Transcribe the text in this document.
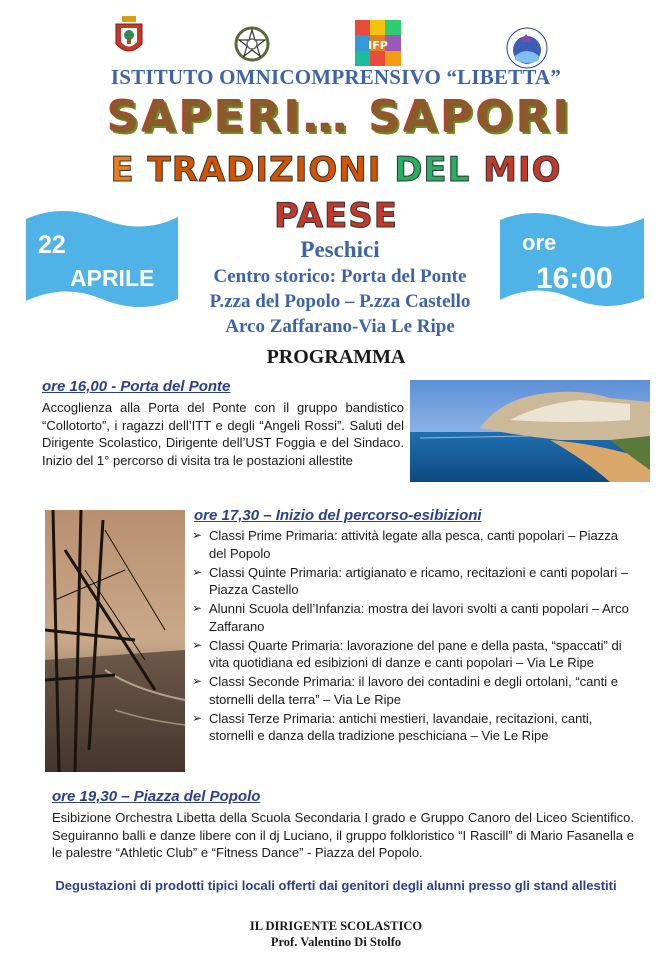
IFP
ISTITUTO OMNICOMPRENSIVO “LIBETTA”
SAPERI… SAPORI
E TRADIZIONI DEL MIO
PAESE
22
APRILE
ore
16:00
Peschici
Centro storico: Porta del Ponte
P.zza del Popolo – P.zza Castello
Arco Zaffarano-Via Le Ripe
PROGRAMMA
ore 16,00 - Porta del Ponte
Accoglienza alla Porta del Ponte con il gruppo bandistico “Collotorto”, i ragazzi dell’ITT e degli “Angeli Rossi”. Saluti del Dirigente Scolastico, Dirigente dell’UST Foggia e del Sindaco. Inizio del 1° percorso di visita tra le postazioni allestite
ore 17,30 – Inizio del percorso-esibizioni
➢ Classi Prime Primaria: attività legate alla pesca, canti popolari – Piazza del Popolo
➢ Classi Quinte Primaria: artigianato e ricamo, recitazioni e canti popolari – Piazza Castello
➢ Alunni Scuola dell’Infanzia: mostra dei lavori svolti a canti popolari – Arco Zaffarano
➢ Classi Quarte Primaria: lavorazione del pane e della pasta, “spaccati” di vita quotidiana ed esibizioni di danze e canti popolari – Via Le Ripe
➢ Classi Seconde Primaria: il lavoro dei contadini e degli ortolani, “canti e stornelli della terra” – Via Le Ripe
➢ Classi Terze Primaria: antichi mestieri, lavandaie, recitazioni, canti, stornelli e danza della tradizione peschiciana – Vie Le Ripe
ore 19,30 – Piazza del Popolo
Esibizione Orchestra Libetta della Scuola Secondaria I grado e Gruppo Canoro del Liceo Scientifico. Seguiranno balli e danze libere con il dj Luciano, il gruppo folkloristico “I Rascill” di Mario Fasanella e le palestre “Athletic Club” e “Fitness Dance” - Piazza del Popolo.
Degustazioni di prodotti tipici locali offerti dai genitori degli alunni presso gli stand allestiti
IL DIRIGENTE SCOLASTICO
Prof. Valentino Di Stolfo
